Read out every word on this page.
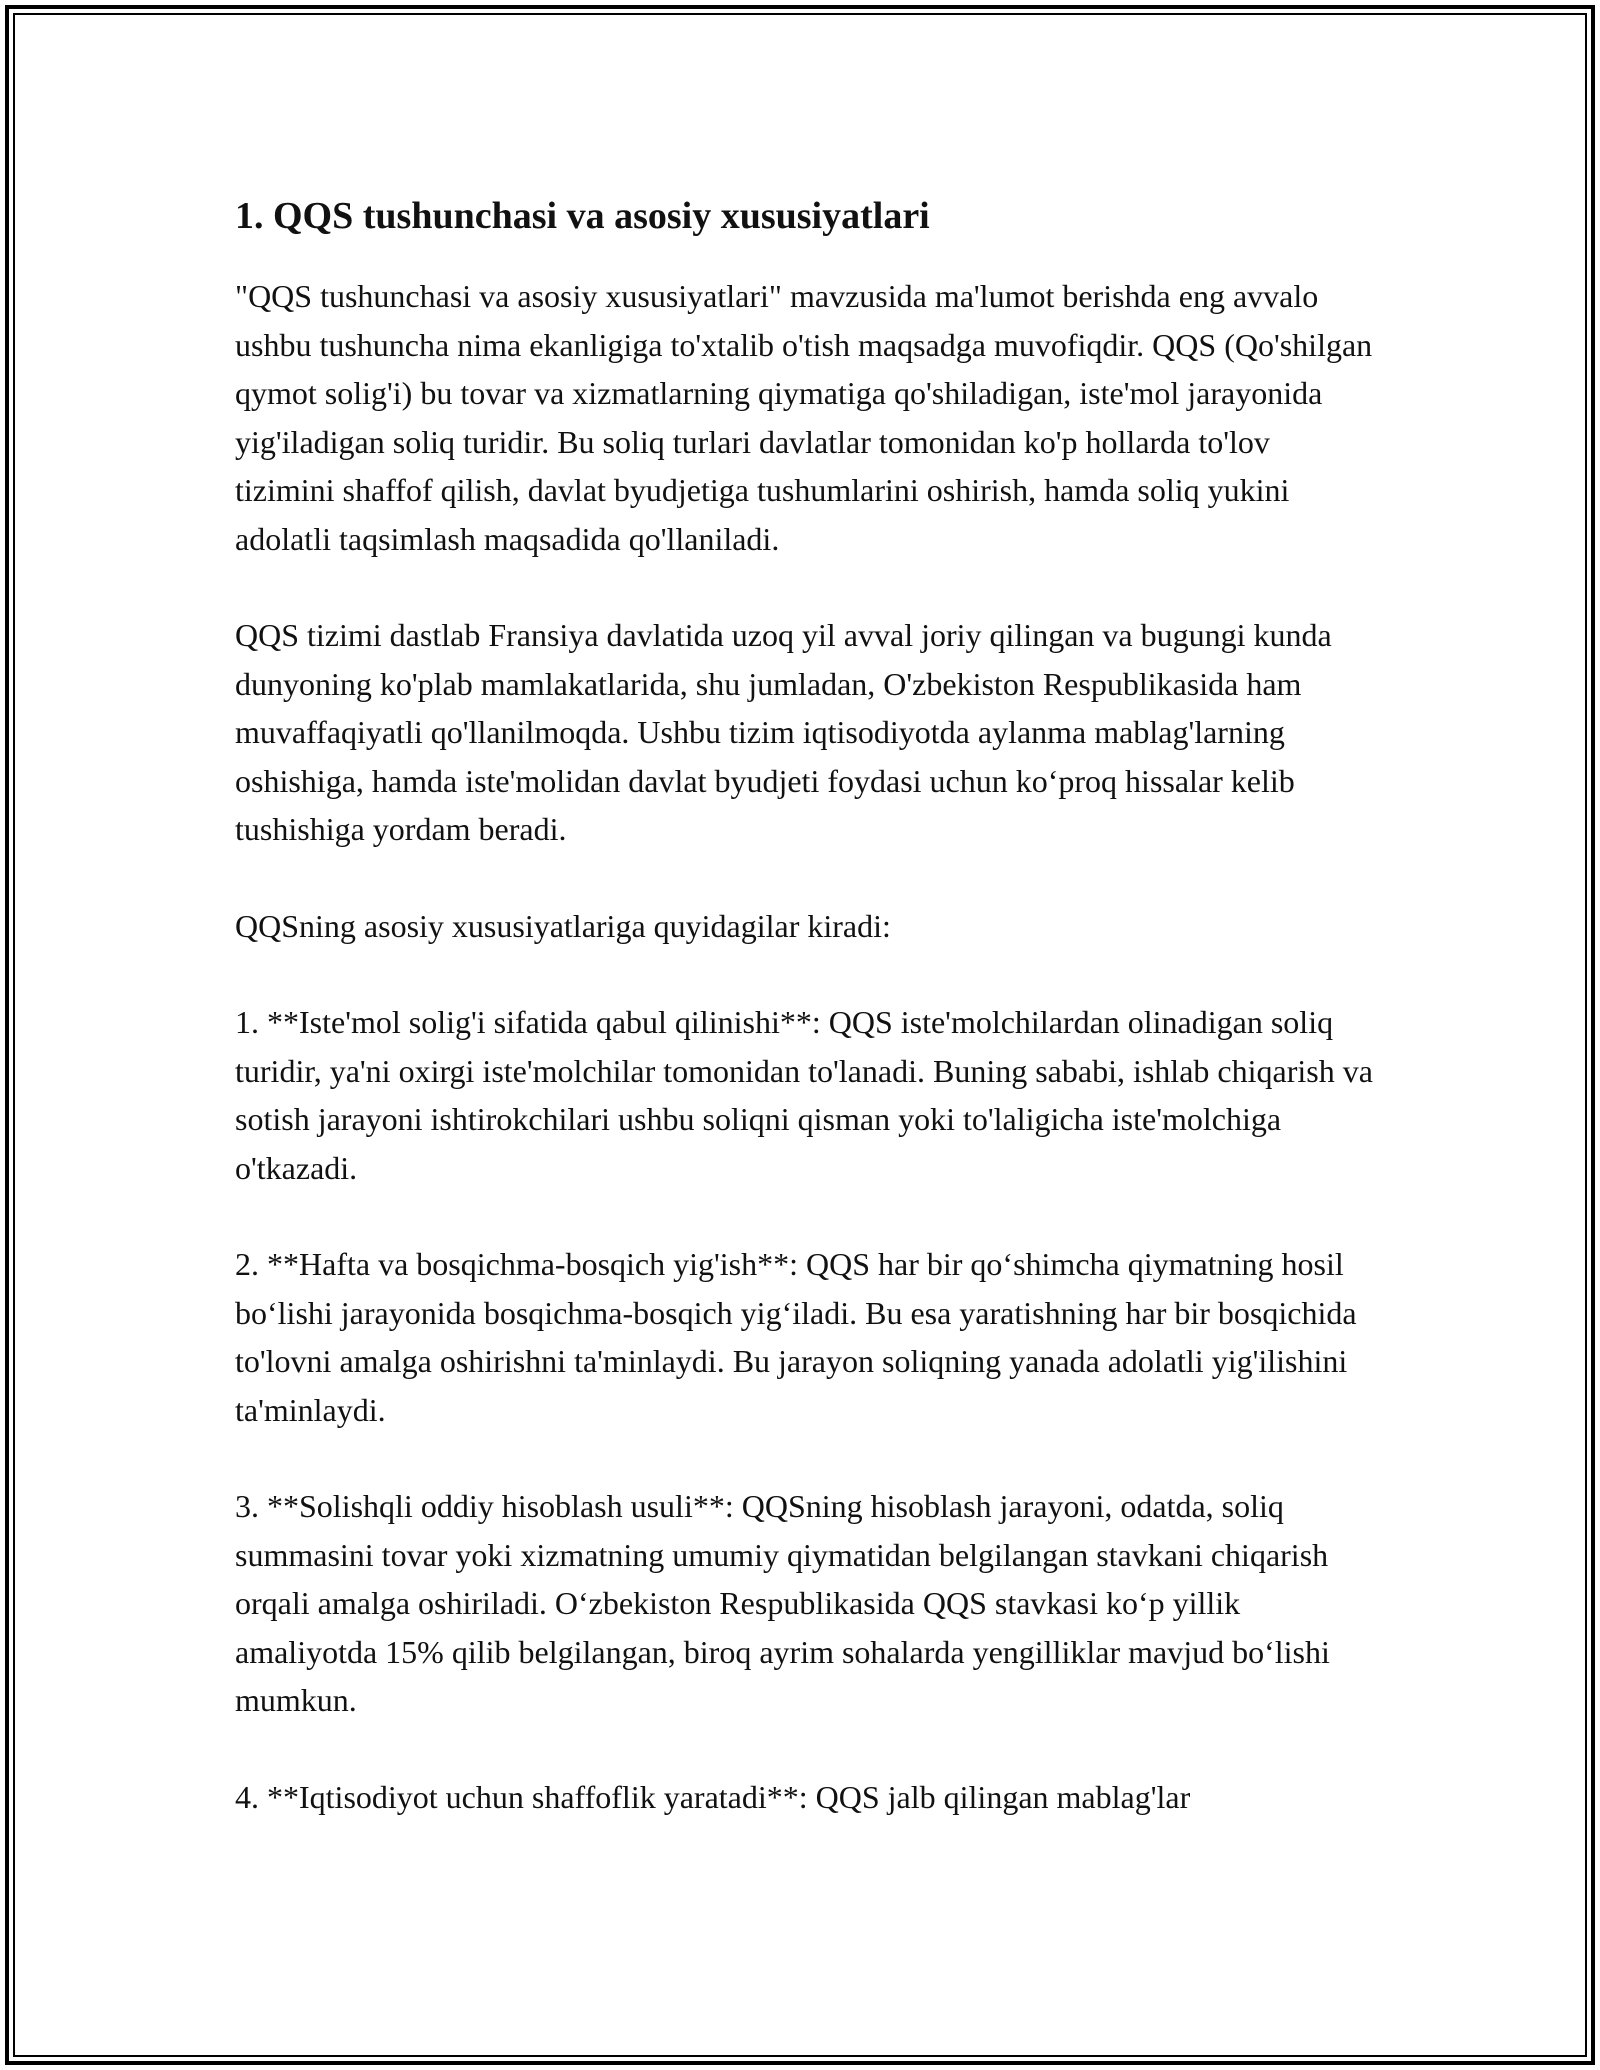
1. QQS tushunchasi va asosiy xususiyatlari

"QQS tushunchasi va asosiy xususiyatlari" mavzusida ma'lumot berishda eng avvalo ushbu tushuncha nima ekanligiga to'xtalib o'tish maqsadga muvofiqdir. QQS (Qo'shilgan qymot solig'i) bu tovar va xizmatlarning qiymatiga qo'shiladigan, iste'mol jarayonida yig'iladigan soliq turidir. Bu soliq turlari davlatlar tomonidan ko'p hollarda to'lov tizimini shaffof qilish, davlat byudjetiga tushumlarini oshirish, hamda soliq yukini adolatli taqsimlash maqsadida qo'llaniladi.

QQS tizimi dastlab Fransiya davlatida uzoq yil avval joriy qilingan va bugungi kunda dunyoning ko'plab mamlakatlarida, shu jumladan, O'zbekiston Respublikasida ham muvaffaqiyatli qo'llanilmoqda. Ushbu tizim iqtisodiyotda aylanma mablag'larning oshishiga, hamda iste'molidan davlat byudjeti foydasi uchun ko‘proq hissalar kelib tushishiga yordam beradi.

QQSning asosiy xususiyatlariga quyidagilar kiradi:

1. **Iste'mol solig'i sifatida qabul qilinishi**: QQS iste'molchilardan olinadigan soliq turidir, ya'ni oxirgi iste'molchilar tomonidan to'lanadi. Buning sababi, ishlab chiqarish va sotish jarayoni ishtirokchilari ushbu soliqni qisman yoki to'laligicha iste'molchiga o'tkazadi.

2. **Hafta va bosqichma-bosqich yig'ish**: QQS har bir qo‘shimcha qiymatning hosil bo‘lishi jarayonida bosqichma-bosqich yig‘iladi. Bu esa yaratishning har bir bosqichida to'lovni amalga oshirishni ta'minlaydi. Bu jarayon soliqning yanada adolatli yig'ilishini ta'minlaydi.

3. **Solishqli oddiy hisoblash usuli**: QQSning hisoblash jarayoni, odatda, soliq summasini tovar yoki xizmatning umumiy qiymatidan belgilangan stavkani chiqarish orqali amalga oshiriladi. O‘zbekiston Respublikasida QQS stavkasi ko‘p yillik amaliyotda 15% qilib belgilangan, biroq ayrim sohalarda yengilliklar mavjud bo‘lishi mumkun.

4. **Iqtisodiyot uchun shaffoflik yaratadi**: QQS jalb qilingan mablag'lar
